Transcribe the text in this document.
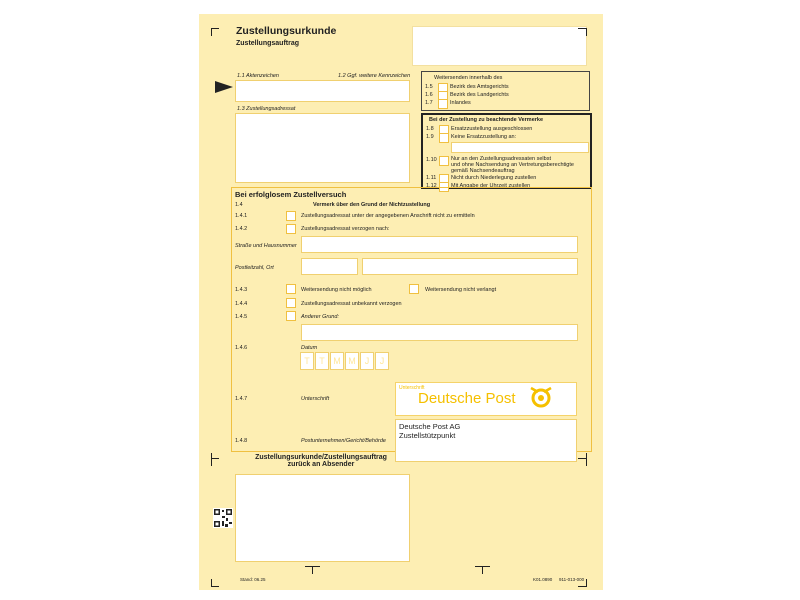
Zustellungsurkunde
Zustellungsauftrag
1.1 Aktenzeichen	1.2 Ggf. weitere Kennzeichen
1.3 Zustellungsadressat
Weitersenden innerhalb des
1.5	Bezirk des Amtsgerichts
1.6	Bezirk des Landgerichts
1.7	Inlandes
Bei der Zustellung zu beachtende Vermerke
1.8	Ersatzzustellung ausgeschlossen
1.9	Keine Ersatzzustellung an:
1.10	Nur an den Zustellungsadressaten selbst
und ohne Nachsendung an Vertretungsberechtigte
gemäß Nachsendeauftrag
1.11	Nicht durch Niederlegung zustellen
1.12	Mit Angabe der Uhrzeit zustellen
Bei erfolglosem Zustellversuch
1.4	Vermerk über den Grund der Nichtzustellung
1.4.1	Zustellungsadressat unter der angegebenen Anschrift nicht zu ermitteln
1.4.2	Zustellungsadressat verzogen nach:
Straße und Hausnummer
Postleitzahl, Ort
1.4.3	Weitersendung nicht möglich	Weitersendung nicht verlangt
1.4.4	Zustellungsadressat unbekannt verzogen
1.4.5	Anderer Grund:
1.4.6	Datum
T	T M M	J	J
1.4.7	Unterschrift
Unterschrift
Deutsche Post
1.4.8	Postunternehmen/Gericht/Behörde
Deutsche Post AG
Zustellstützpunkt
Zustellungsurkunde/Zustellungsauftrag
zurück an Absender
Stand: 06.25	K01.0890 911-013-000
